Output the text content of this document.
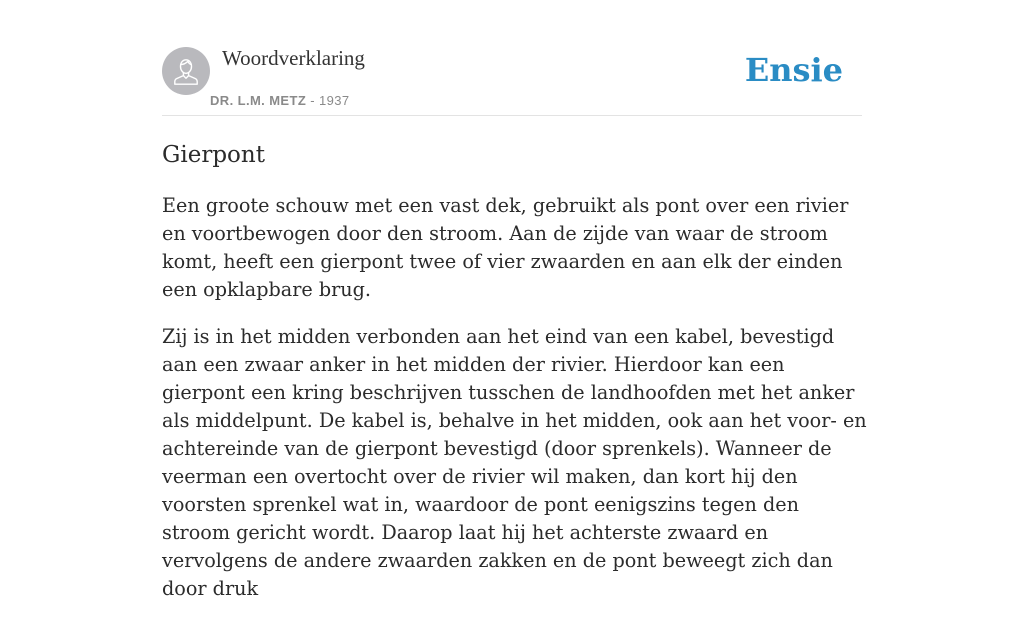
Woordverklaring
DR. L.M. METZ - 1937
Ensie
Gierpont

Een groote schouw met een vast dek, gebruikt als pont over een rivier en voortbewogen door den stroom. Aan de zijde van waar de stroom komt, heeft een gierpont twee of vier zwaarden en aan elk der einden een opklapbare brug.

Zij is in het midden verbonden aan het eind van een kabel, bevestigd aan een zwaar anker in het midden der rivier. Hierdoor kan een gierpont een kring beschrijven tusschen de landhoofden met het anker als middelpunt. De kabel is, behalve in het midden, ook aan het voor- en achtereinde van de gierpont bevestigd (door sprenkels). Wanneer de veerman een overtocht over de rivier wil maken, dan kort hij den voorsten sprenkel wat in, waardoor de pont eenigszins tegen den stroom gericht wordt. Daarop laat hij het achterste zwaard en vervolgens de andere zwaarden zakken en de pont beweegt zich dan door druk
